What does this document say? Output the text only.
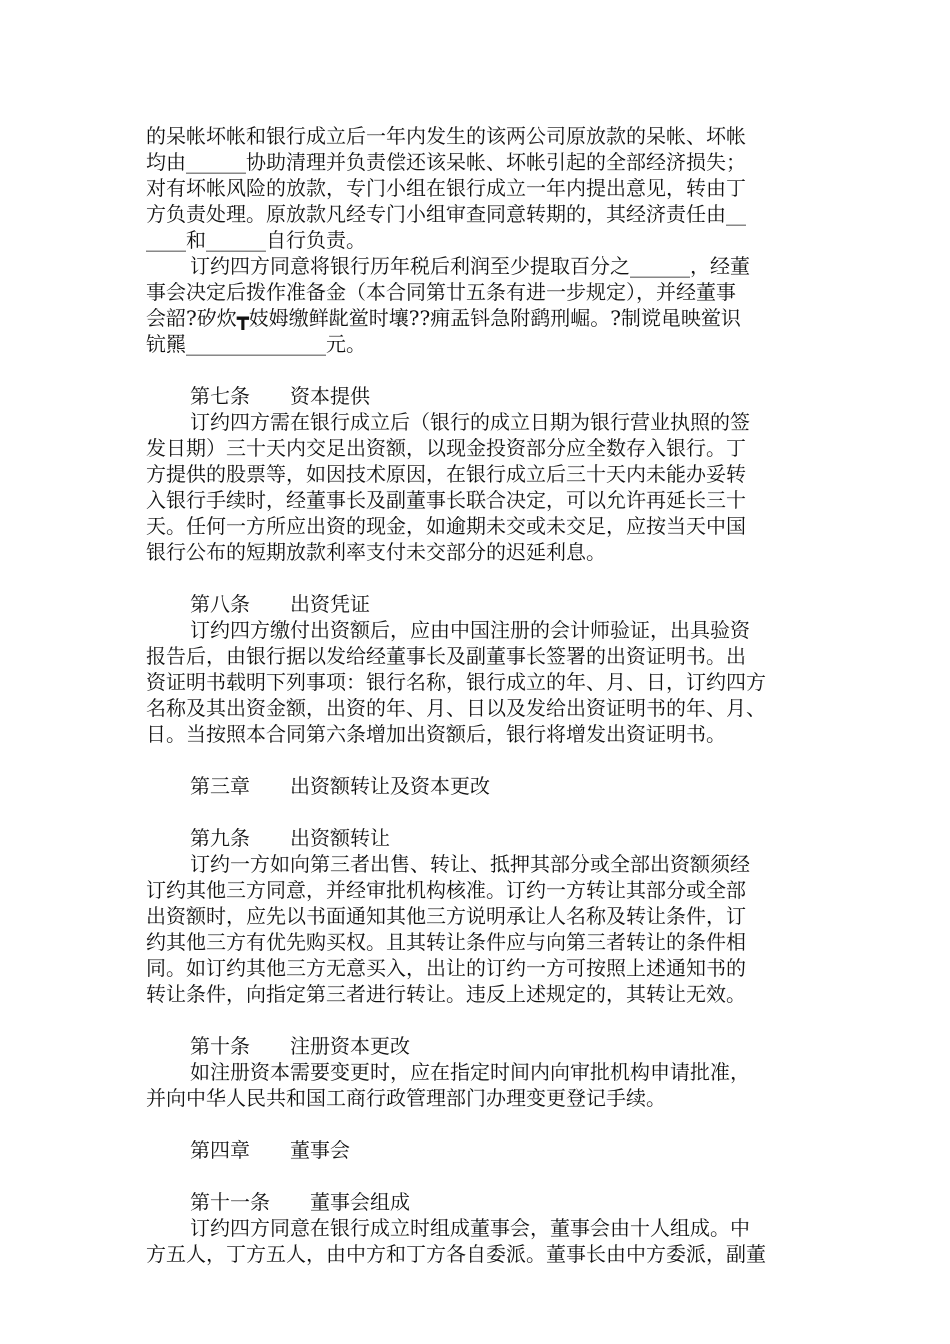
的呆帐坏帐和银行成立后一年内发生的该两公司原放款的呆帐、坏帐
均由______协助清理并负责偿还该呆帐、坏帐引起的全部经济损失；
对有坏帐风险的放款，专门小组在银行成立一年内提出意见，转由丁
方负责处理。原放款凡经专门小组审查同意转期的，其经济责任由__
____和______自行负责。
订约四方同意将银行历年税后利润至少提取百分之______，经董
事会决定后拨作准备金（本合同第廿五条有进一步规定），并经董事
会韶?矽炊┳妓姆缴鲜龀鲎时壤??痈盂钭急附鹞刑崛。?制谠黾映鲎识
钪羆______________元。
第七条　　资本提供
订约四方需在银行成立后（银行的成立日期为银行营业执照的签
发日期）三十天内交足出资额，以现金投资部分应全数存入银行。丁
方提供的股票等，如因技术原因，在银行成立后三十天内未能办妥转
入银行手续时，经董事长及副董事长联合决定，可以允许再延长三十
天。任何一方所应出资的现金，如逾期未交或未交足，应按当天中国
银行公布的短期放款利率支付未交部分的迟延利息。
第八条　　出资凭证
订约四方缴付出资额后，应由中国注册的会计师验证，出具验资
报告后，由银行据以发给经董事长及副董事长签署的出资证明书。出
资证明书载明下列事项：银行名称，银行成立的年、月、日，订约四方
名称及其出资金额，出资的年、月、日以及发给出资证明书的年、月、
日。当按照本合同第六条增加出资额后，银行将增发出资证明书。
第三章　　出资额转让及资本更改
第九条　　出资额转让
订约一方如向第三者出售、转让、抵押其部分或全部出资额须经
订约其他三方同意，并经审批机构核准。订约一方转让其部分或全部
出资额时，应先以书面通知其他三方说明承让人名称及转让条件，订
约其他三方有优先购买权。且其转让条件应与向第三者转让的条件相
同。如订约其他三方无意买入，出让的订约一方可按照上述通知书的
转让条件，向指定第三者进行转让。违反上述规定的，其转让无效。
第十条　　注册资本更改
如注册资本需要变更时，应在指定时间内向审批机构申请批准，
并向中华人民共和国工商行政管理部门办理变更登记手续。
第四章　　董事会
第十一条　　董事会组成
订约四方同意在银行成立时组成董事会，董事会由十人组成。中
方五人，丁方五人，由中方和丁方各自委派。董事长由中方委派，副董
